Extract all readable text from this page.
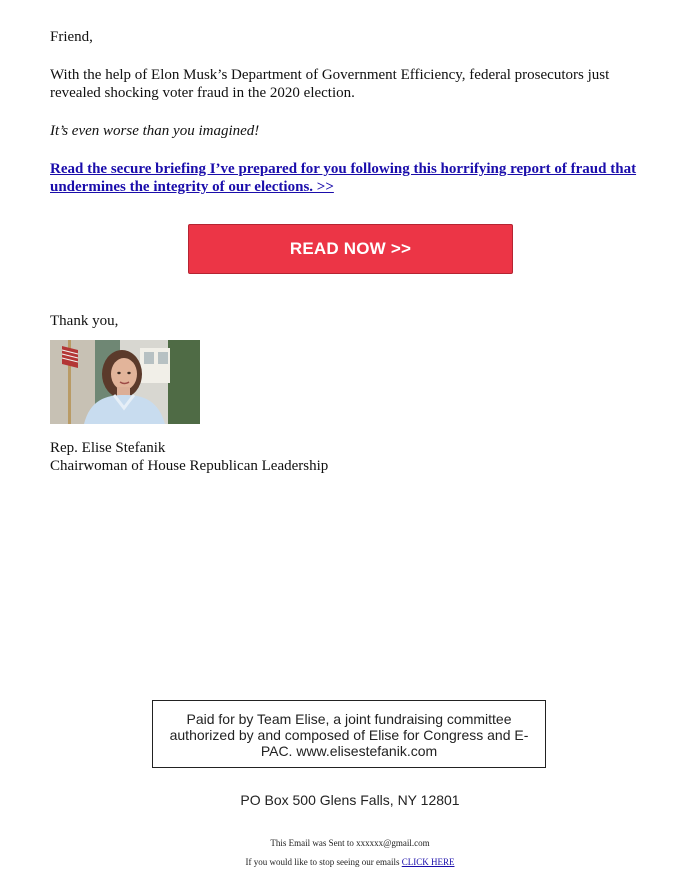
Friend,
With the help of Elon Musk’s Department of Government Efficiency, federal prosecutors just revealed shocking voter fraud in the 2020 election.
It’s even worse than you imagined!
Read the secure briefing I’ve prepared for you following this horrifying report of fraud that undermines the integrity of our elections. >>
READ NOW >>
Thank you,
Rep. Elise Stefanik
Chairwoman of House Republican Leadership
Paid for by Team Elise, a joint fundraising committee authorized by and composed of Elise for Congress and E-PAC. www.elisestefanik.com
PO Box 500 Glens Falls, NY 12801
This Email was Sent to xxxxxx@gmail.com
If you would like to stop seeing our emails CLICK HERE
